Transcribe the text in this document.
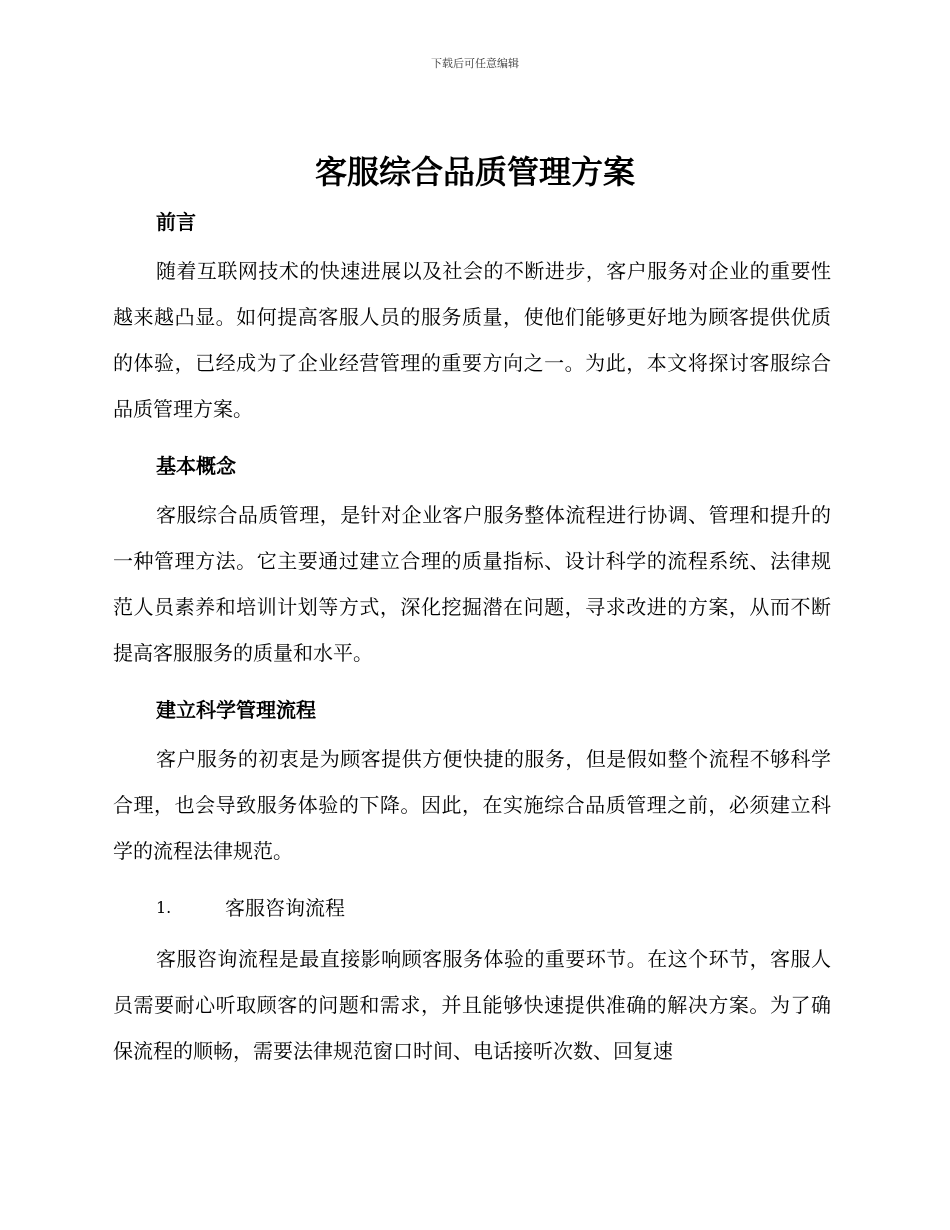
下载后可任意编辑
客服综合品质管理方案
前言

随着互联网技术的快速进展以及社会的不断进步，客户服务对企业的重要性越来越凸显。如何提高客服人员的服务质量，使他们能够更好地为顾客提供优质的体验，已经成为了企业经营管理的重要方向之一。为此，本文将探讨客服综合品质管理方案。

基本概念

客服综合品质管理，是针对企业客户服务整体流程进行协调、管理和提升的一种管理方法。它主要通过建立合理的质量指标、设计科学的流程系统、法律规范人员素养和培训计划等方式，深化挖掘潜在问题，寻求改进的方案，从而不断提高客服服务的质量和水平。

建立科学管理流程

客户服务的初衷是为顾客提供方便快捷的服务，但是假如整个流程不够科学合理，也会导致服务体验的下降。因此，在实施综合品质管理之前，必须建立科学的流程法律规范。

1.	客服咨询流程

客服咨询流程是最直接影响顾客服务体验的重要环节。在这个环节，客服人员需要耐心听取顾客的问题和需求，并且能够快速提供准确的解决方案。为了确保流程的顺畅，需要法律规范窗口时间、电话接听次数、回复速
